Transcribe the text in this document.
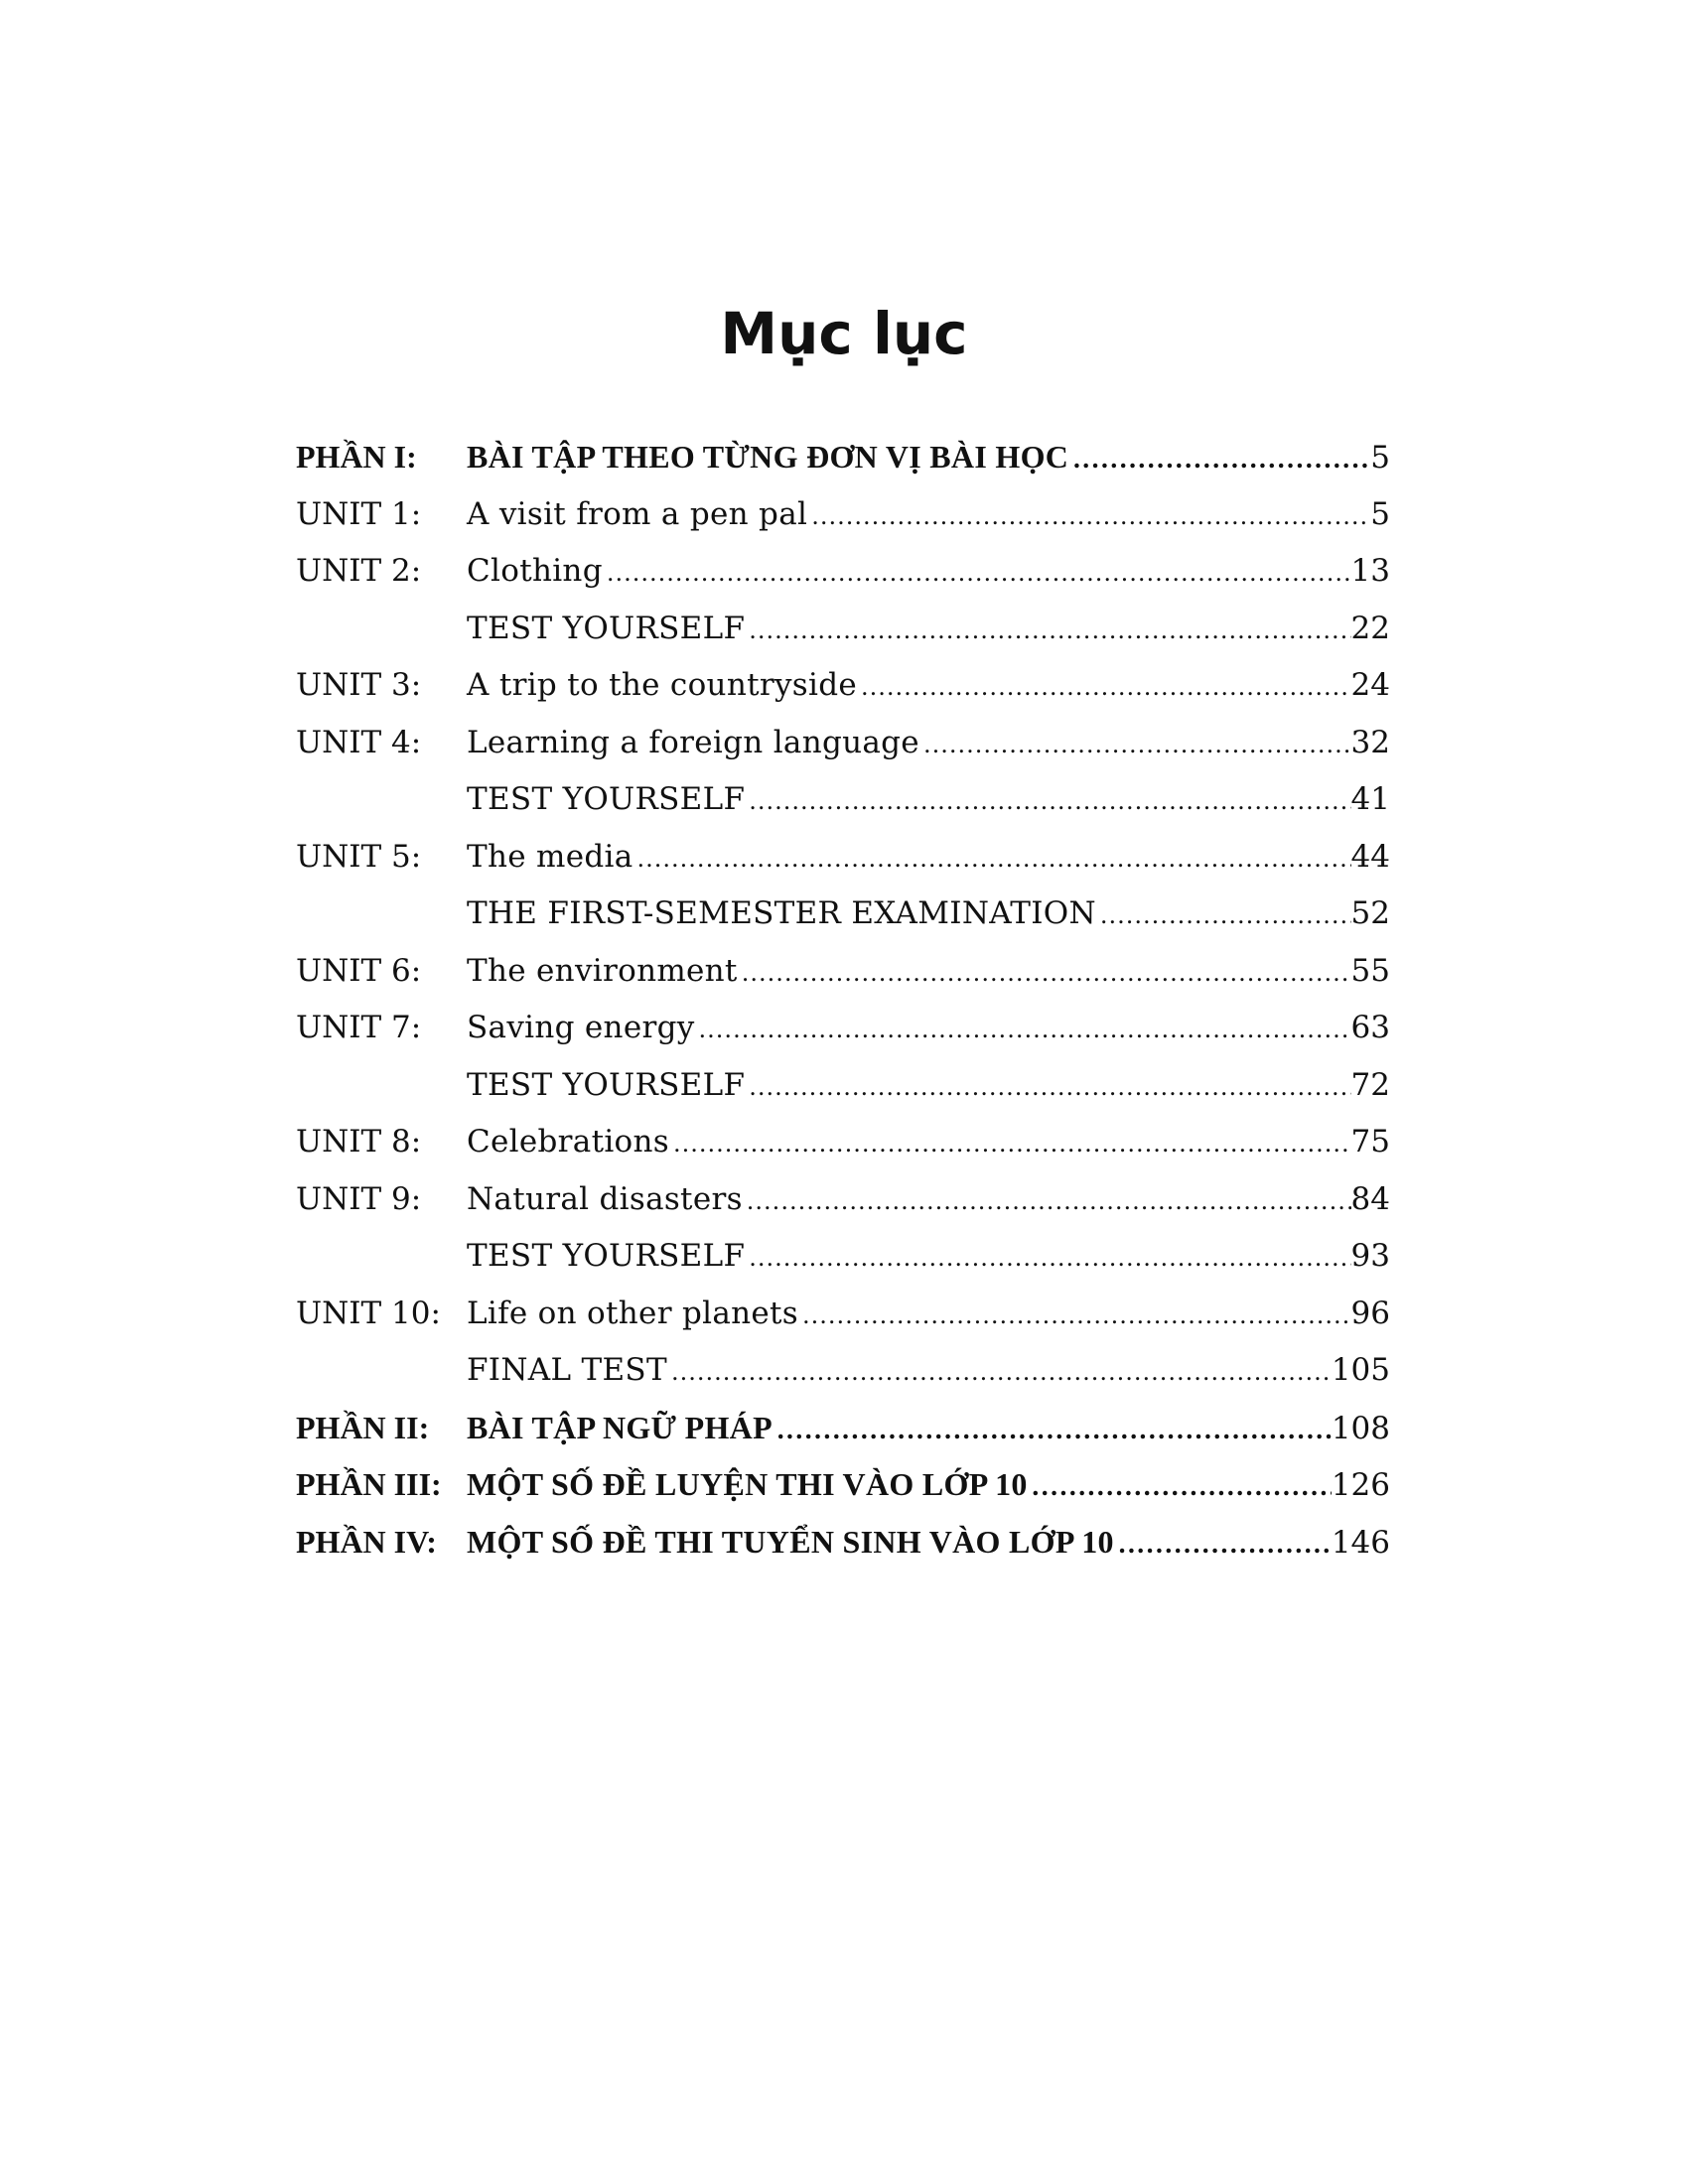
Mục lục
PHẦN I:	BÀI TẬP THEO TỪNG ĐƠN VỊ BÀI HỌC .....	5
UNIT 1:	A visit from a pen pal .....	5
UNIT 2:	Clothing .....	13
TEST YOURSELF .....	22
UNIT 3:	A trip to the countryside .....	24
UNIT 4:	Learning a foreign language .....	32
TEST YOURSELF .....	41
UNIT 5:	The media .....	44
THE FIRST-SEMESTER EXAMINATION .....	52
UNIT 6:	The environment .....	55
UNIT 7:	Saving energy .....	63
TEST YOURSELF .....	72
UNIT 8:	Celebrations .....	75
UNIT 9:	Natural disasters .....	84
TEST YOURSELF .....	93
UNIT 10: Life on other planets .....	96
FINAL TEST .....	105
PHẦN II:	BÀI TẬP NGỮ PHÁP .....	108
PHẦN III: MỘT SỐ ĐỀ LUYỆN THI VÀO LỚP 10 .....	126
PHẦN IV: MỘT SỐ ĐỀ THI TUYỂN SINH VÀO LỚP 10 .....	146
